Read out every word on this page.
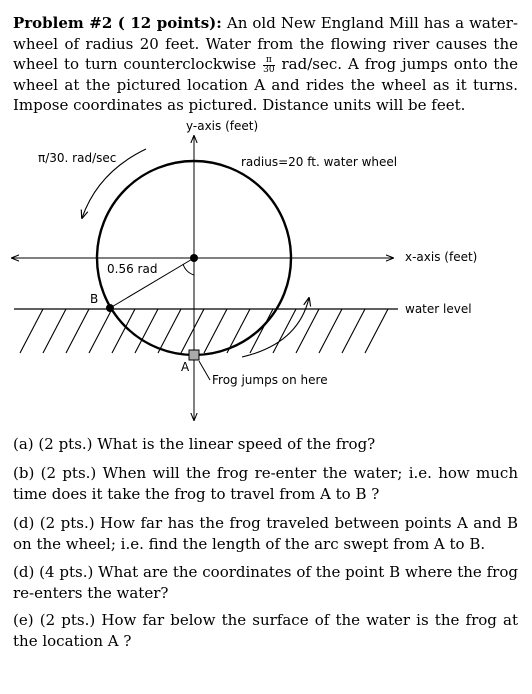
Problem #2 ( 12 points): An old New England Mill has a water-wheel of radius 20 feet. Water from the flowing river causes the wheel to turn counterclockwise $\frac{\pi}{30} rad/\sec$. A frog jumps onto the wheel at the pictured location A and rides the wheel as it turns. Impose coordinates as pictured. Distance units will be feet.

y-axis (feet)
x-axis (feet)
π/30. rad/sec	radius=20 ft. water wheel
0.56 rad
water level
B
A
Frog jumps on here

(a) (2 pts.) What is the linear speed of the frog?

(b) (2 pts.) When will the frog re-enter the water; i.e. how much time does it take the frog to travel from A to B ?

(d) (2 pts.) How far has the frog traveled between points A and B on the wheel; i.e. find the length of the arc swept from A to B.

(d) (4 pts.) What are the coordinates of the point B where the frog re-enters the water?

(e) (2 pts.) How far below the surface of the water is the frog at the location A ?
